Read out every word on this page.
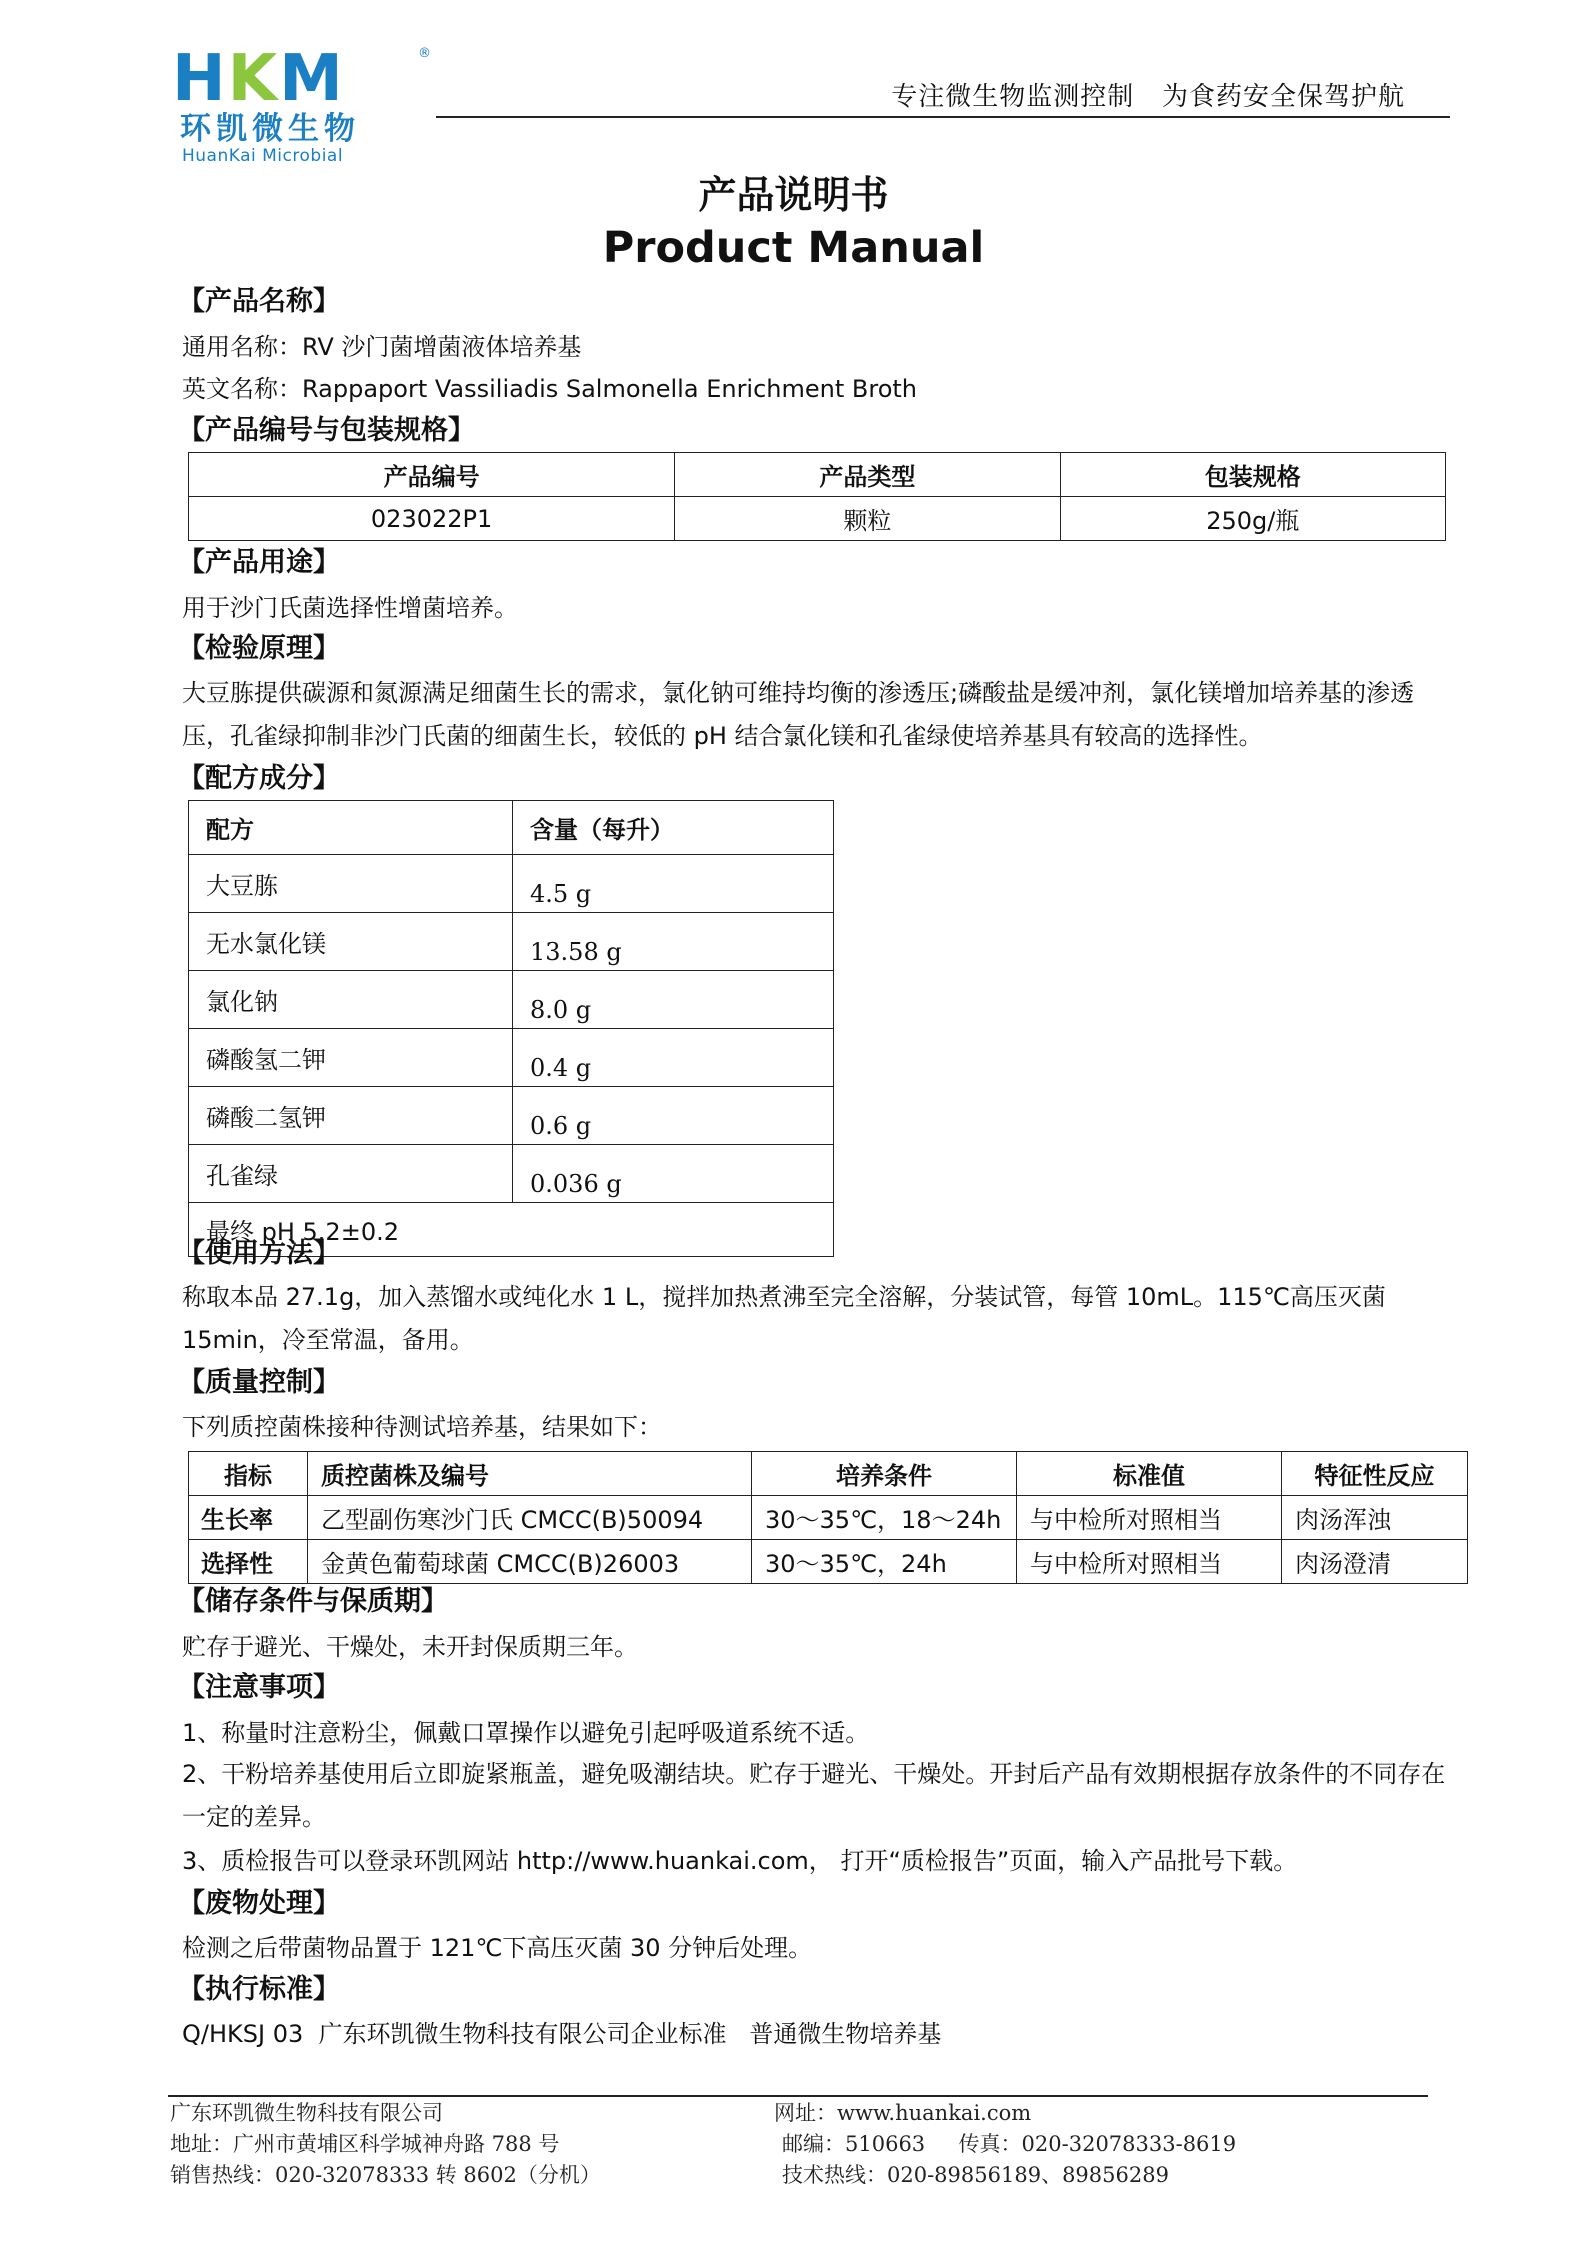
HKM	®
环凯微生物
HuanKai Microbial
专注微生物监测控制   为食药安全保驾护航
产品说明书
Product Manual
【产品名称】
通用名称：RV 沙门菌增菌液体培养基
英文名称：Rappaport Vassiliadis Salmonella Enrichment Broth
【产品编号与包装规格】
产品编号	产品类型	包装规格
023022P1	颗粒	250g/瓶
【产品用途】
用于沙门氏菌选择性增菌培养。
【检验原理】
大豆胨提供碳源和氮源满足细菌生长的需求，氯化钠可维持均衡的渗透压;磷酸盐是缓冲剂，氯化镁增加培养基的渗透压，孔雀绿抑制非沙门氏菌的细菌生长，较低的 pH 结合氯化镁和孔雀绿使培养基具有较高的选择性。
【配方成分】
配方	含量（每升）
大豆胨	4.5 g
无水氯化镁	13.58 g
氯化钠	8.0 g
磷酸氢二钾	0.4 g
磷酸二氢钾	0.6 g
孔雀绿	0.036 g
最终 pH 5.2±0.2	
【使用方法】
称取本品 27.1g，加入蒸馏水或纯化水 1 L，搅拌加热煮沸至完全溶解，分装试管，每管 10mL。115℃高压灭菌 15min，冷至常温，备用。
【质量控制】
下列质控菌株接种待测试培养基，结果如下：
指标	质控菌株及编号	培养条件	标准值	特征性反应
生长率	乙型副伤寒沙门氏 CMCC(B)50094	30～35℃，18～24h	与中检所对照相当	肉汤浑浊
选择性	金黄色葡萄球菌 CMCC(B)26003	30～35℃，24h	与中检所对照相当	肉汤澄清
【储存条件与保质期】
贮存于避光、干燥处，未开封保质期三年。
【注意事项】
1、称量时注意粉尘，佩戴口罩操作以避免引起呼吸道系统不适。
2、干粉培养基使用后立即旋紧瓶盖，避免吸潮结块。贮存于避光、干燥处。开封后产品有效期根据存放条件的不同存在一定的差异。
3、质检报告可以登录环凯网站 http://www.huankai.com， 打开“质检报告”页面，输入产品批号下载。
【废物处理】
检测之后带菌物品置于 121℃下高压灭菌 30 分钟后处理。
【执行标准】
Q/HKSJ 03  广东环凯微生物科技有限公司企业标准   普通微生物培养基
广东环凯微生物科技有限公司
地址：广州市黄埔区科学城神舟路 788 号
销售热线：020-32078333 转 8602（分机）
网址：www.huankai.com
邮编：510663     传真：020-32078333-8619
技术热线：020-89856189、89856289
